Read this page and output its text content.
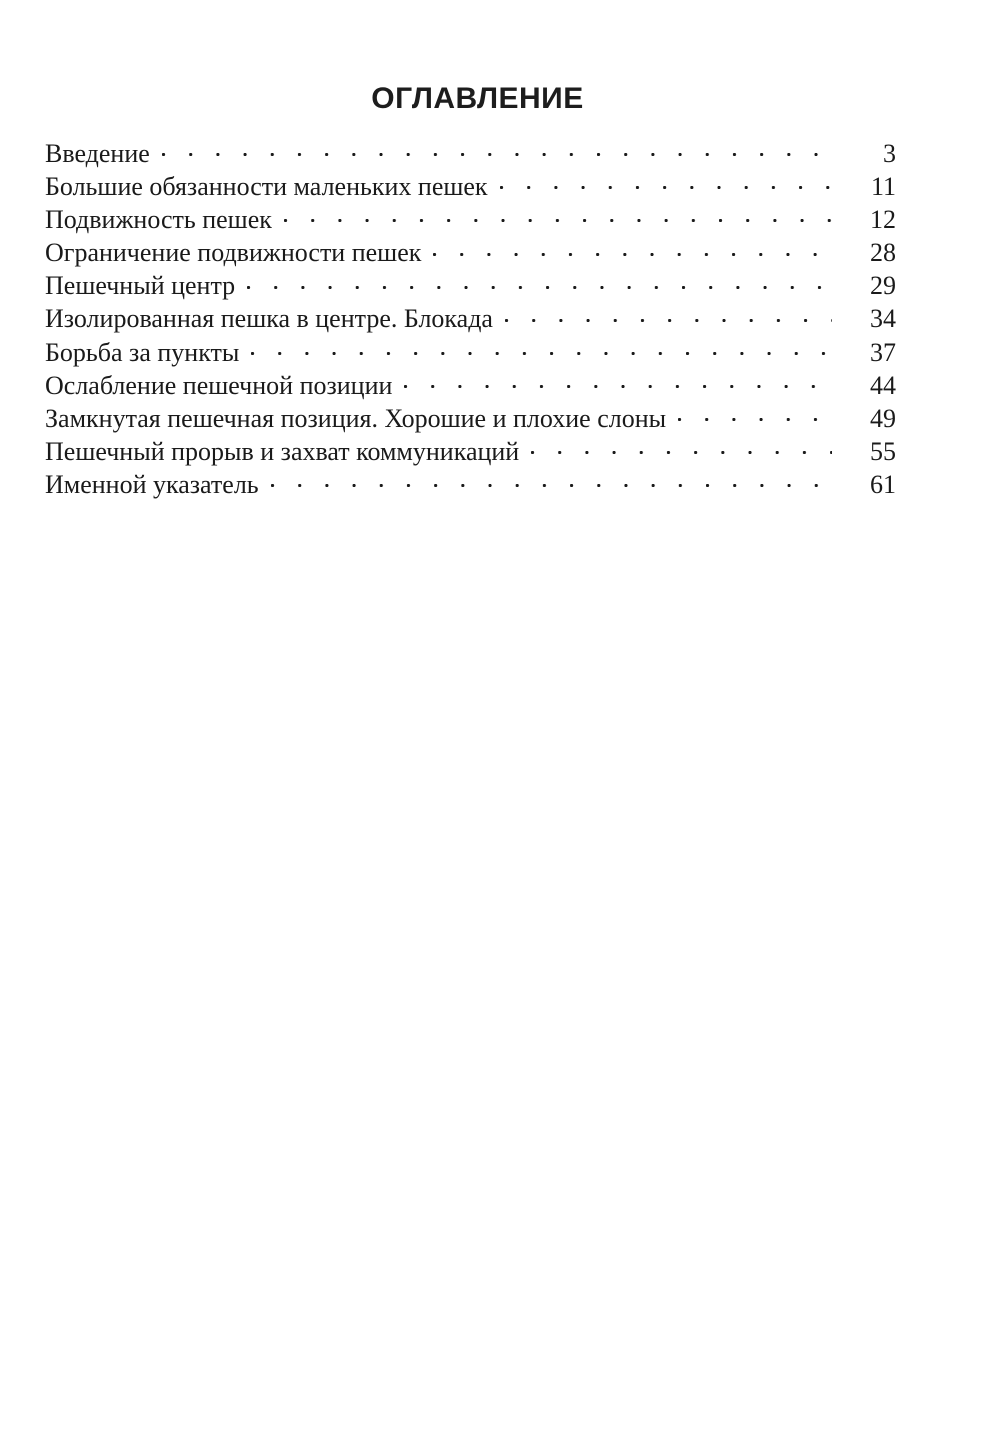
ОГЛАВЛЕНИЕ
Введение	3
Большие обязанности маленьких пешек	11
Подвижность пешек	12
Ограничение подвижности пешек	28
Пешечный центр	29
Изолированная пешка в центре. Блокада	34
Борьба за пункты	37
Ослабление пешечной позиции	44
Замкнутая пешечная позиция. Хорошие и плохие слоны	49
Пешечный прорыв и захват коммуникаций	55
Именной указатель	61
